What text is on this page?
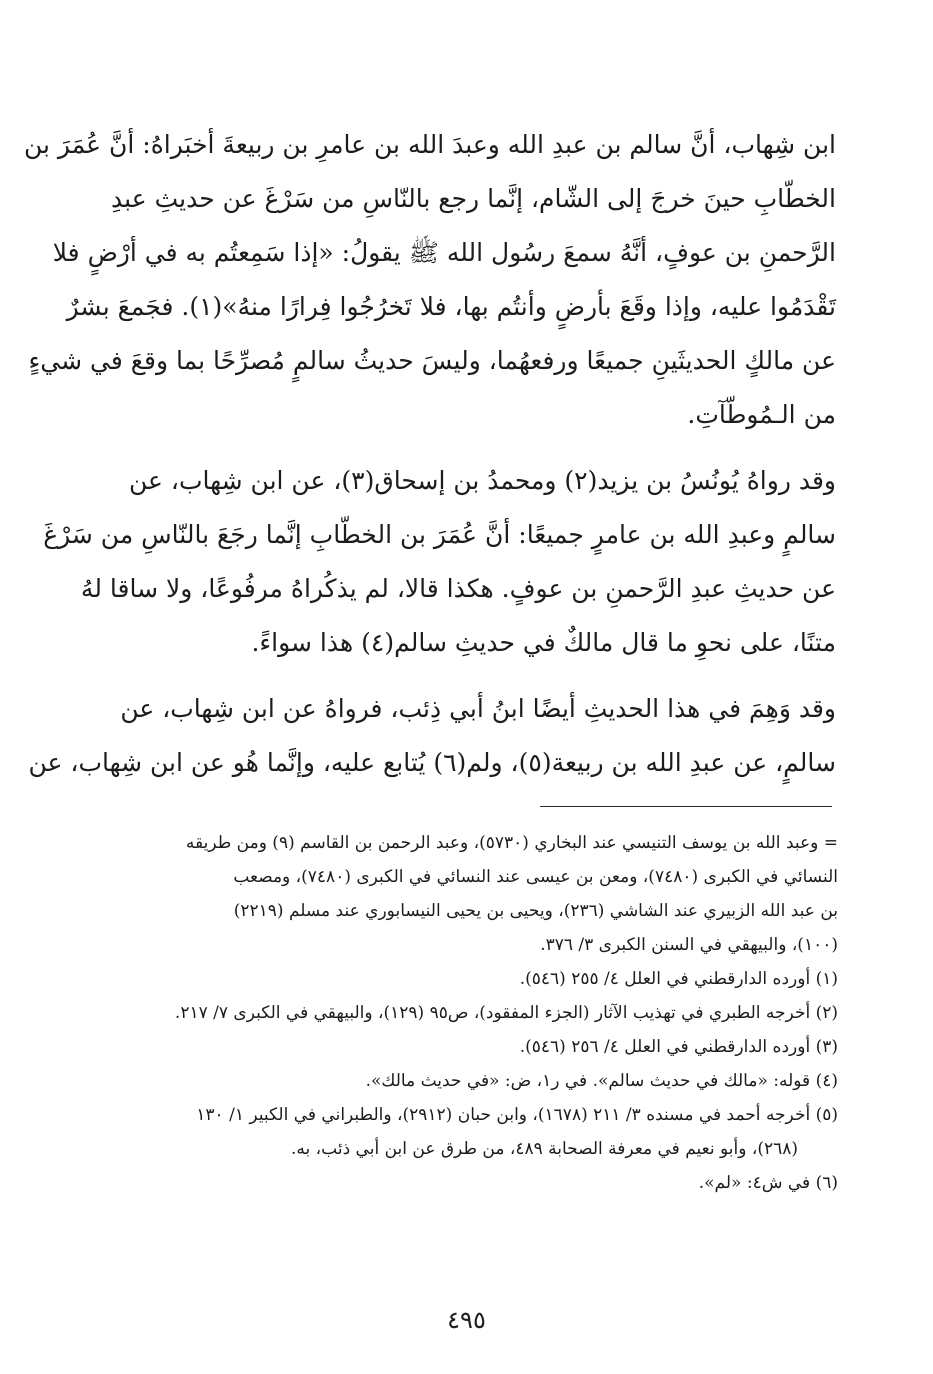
ابن شِهاب، أنَّ سالم بن عبدِ الله وعبدَ الله بن عامرِ بن ربيعةَ أخبَراهُ: أنَّ عُمَرَ بن
الخطّابِ حينَ خرجَ إلى الشّام، إنَّما رجع بالنّاسِ من سَرْغَ عن حديثِ عبدِ
الرَّحمنِ بن عوفٍ، أنَّهُ سمعَ رسُول الله ﷺ يقولُ: «إذا سَمِعتُم به في أرْضٍ فلا
تَقْدَمُوا عليه، وإذا وقَعَ بأرضٍ وأنتُم بها، فلا تَخرُجُوا فِرارًا منهُ»(١). فجَمعَ بشرٌ
عن مالكٍ الحديثَينِ جميعًا ورفعهُما، وليسَ حديثُ سالمٍ مُصرِّحًا بما وقعَ في شيءٍ
من الـمُوطّآتِ.
وقد رواهُ يُونُسُ بن يزيد(٢) ومحمدُ بن إسحاق(٣)، عن ابن شِهاب، عن
سالمٍ وعبدِ الله بن عامرٍ جميعًا: أنَّ عُمَرَ بن الخطّابِ إنَّما رجَعَ بالنّاسِ من سَرْغَ
عن حديثِ عبدِ الرَّحمنِ بن عوفٍ. هكذا قالا، لم يذكُراهُ مرفُوعًا، ولا ساقا لهُ
متنًا، على نحوِ ما قال مالكٌ في حديثِ سالم(٤) هذا سواءً.
وقد وَهِمَ في هذا الحديثِ أيضًا ابنُ أبي ذِئب، فرواهُ عن ابن شِهاب، عن
سالمٍ، عن عبدِ الله بن ربيعة(٥)، ولم(٦) يُتابع عليه، وإنَّما هُو عن ابن شِهاب، عن
= وعبد الله بن يوسف التنيسي عند البخاري (٥٧٣٠)، وعبد الرحمن بن القاسم (٩) ومن طريقه
النسائي في الكبرى (٧٤٨٠)، ومعن بن عيسى عند النسائي في الكبرى (٧٤٨٠)، ومصعب
بن عبد الله الزبيري عند الشاشي (٢٣٦)، ويحيى بن يحيى النيسابوري عند مسلم (٢٢١٩)
(١٠٠)، والبيهقي في السنن الكبرى ٣/ ٣٧٦.
(١) أورده الدارقطني في العلل ٤/ ٢٥٥ (٥٤٦).
(٢) أخرجه الطبري في تهذيب الآثار (الجزء المفقود)، ص٩٥ (١٢٩)، والبيهقي في الكبرى ٧/ ٢١٧.
(٣) أورده الدارقطني في العلل ٤/ ٢٥٦ (٥٤٦).
(٤) قوله: «مالك في حديث سالم». في ر١، ض: «في حديث مالك».
(٥) أخرجه أحمد في مسنده ٣/ ٢١١ (١٦٧٨)، وابن حبان (٢٩١٢)، والطبراني في الكبير ١/ ١٣٠
(٢٦٨)، وأبو نعيم في معرفة الصحابة ٤٨٩، من طرق عن ابن أبي ذئب، به.
(٦) في ش٤: «لم».
٤٩٥
